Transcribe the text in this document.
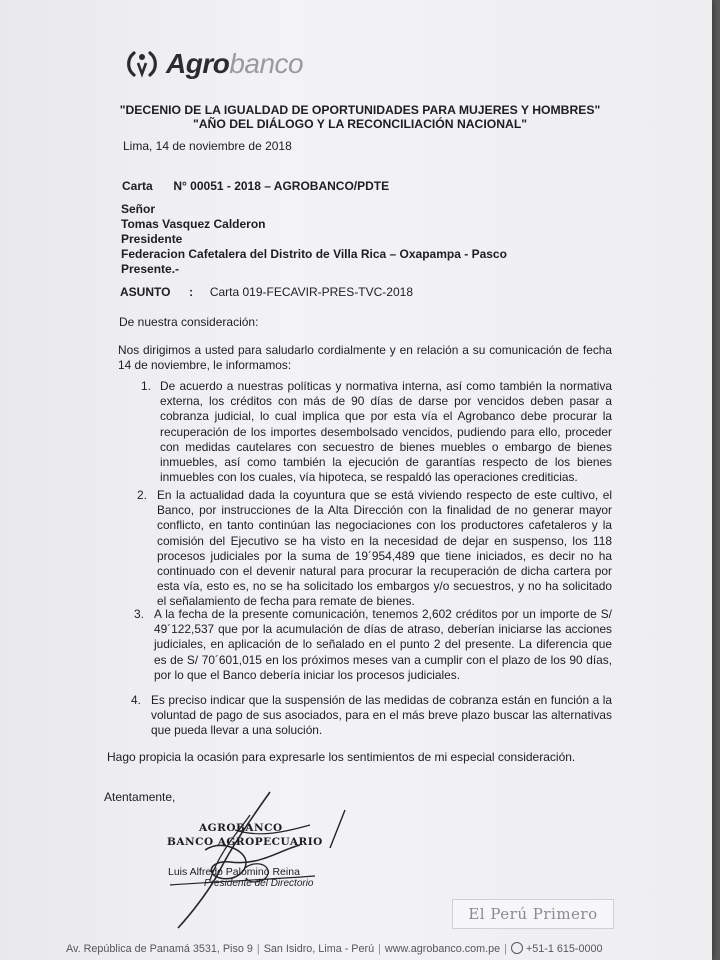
Agrobanco
"DECENIO DE LA IGUALDAD DE OPORTUNIDADES PARA MUJERES Y HOMBRES"
"AÑO DEL DIÁLOGO Y LA RECONCILIACIÓN NACIONAL"
Lima, 14 de noviembre de 2018
Carta N° 00051 - 2018 – AGROBANCO/PDTE
Señor
Tomas Vasquez Calderon
Presidente
Federacion Cafetalera del Distrito de Villa Rica – Oxapampa - Pasco
Presente.-
ASUNTO : Carta 019-FECAVIR-PRES-TVC-2018
De nuestra consideración:
Nos dirigimos a usted para saludarlo cordialmente y en relación a su comunicación de fecha 14 de noviembre, le informamos:
1. De acuerdo a nuestras políticas y normativa interna, así como también la normativa externa, los créditos con más de 90 días de darse por vencidos deben pasar a cobranza judicial, lo cual implica que por esta vía el Agrobanco debe procurar la recuperación de los importes desembolsado vencidos, pudiendo para ello, proceder con medidas cautelares con secuestro de bienes muebles o embargo de bienes inmuebles, así como también la ejecución de garantías respecto de los bienes inmuebles con los cuales, vía hipoteca, se respaldó las operaciones crediticias.
2. En la actualidad dada la coyuntura que se está viviendo respecto de este cultivo, el Banco, por instrucciones de la Alta Dirección con la finalidad de no generar mayor conflicto, en tanto continúan las negociaciones con los productores cafetaleros y la comisión del Ejecutivo se ha visto en la necesidad de dejar en suspenso, los 118 procesos judiciales por la suma de 19´954,489 que tiene iniciados, es decir no ha continuado con el devenir natural para procurar la recuperación de dicha cartera por esta vía, esto es, no se ha solicitado los embargos y/o secuestros, y no ha solicitado el señalamiento de fecha para remate de bienes.
3. A la fecha de la presente comunicación, tenemos 2,602 créditos por un importe de S/ 49´122,537 que por la acumulación de días de atraso, deberían iniciarse las acciones judiciales, en aplicación de lo señalado en el punto 2 del presente. La diferencia que es de S/ 70´601,015 en los próximos meses van a cumplir con el plazo de los 90 días, por lo que el Banco debería iniciar los procesos judiciales.
4. Es preciso indicar que la suspensión de las medidas de cobranza están en función a la voluntad de pago de sus asociados, para en el más breve plazo buscar las alternativas que pueda llevar a una solución.
Hago propicia la ocasión para expresarle los sentimientos de mi especial consideración.
Atentamente,
AGROBANCO
BANCO AGROPECUARIO
Luis Alfredo Palomino Reina
Presidente del Directorio
El Perú Primero
Av. República de Panamá 3531, Piso 9 | San Isidro, Lima - Perú | www.agrobanco.com.pe | +51-1 615-0000
